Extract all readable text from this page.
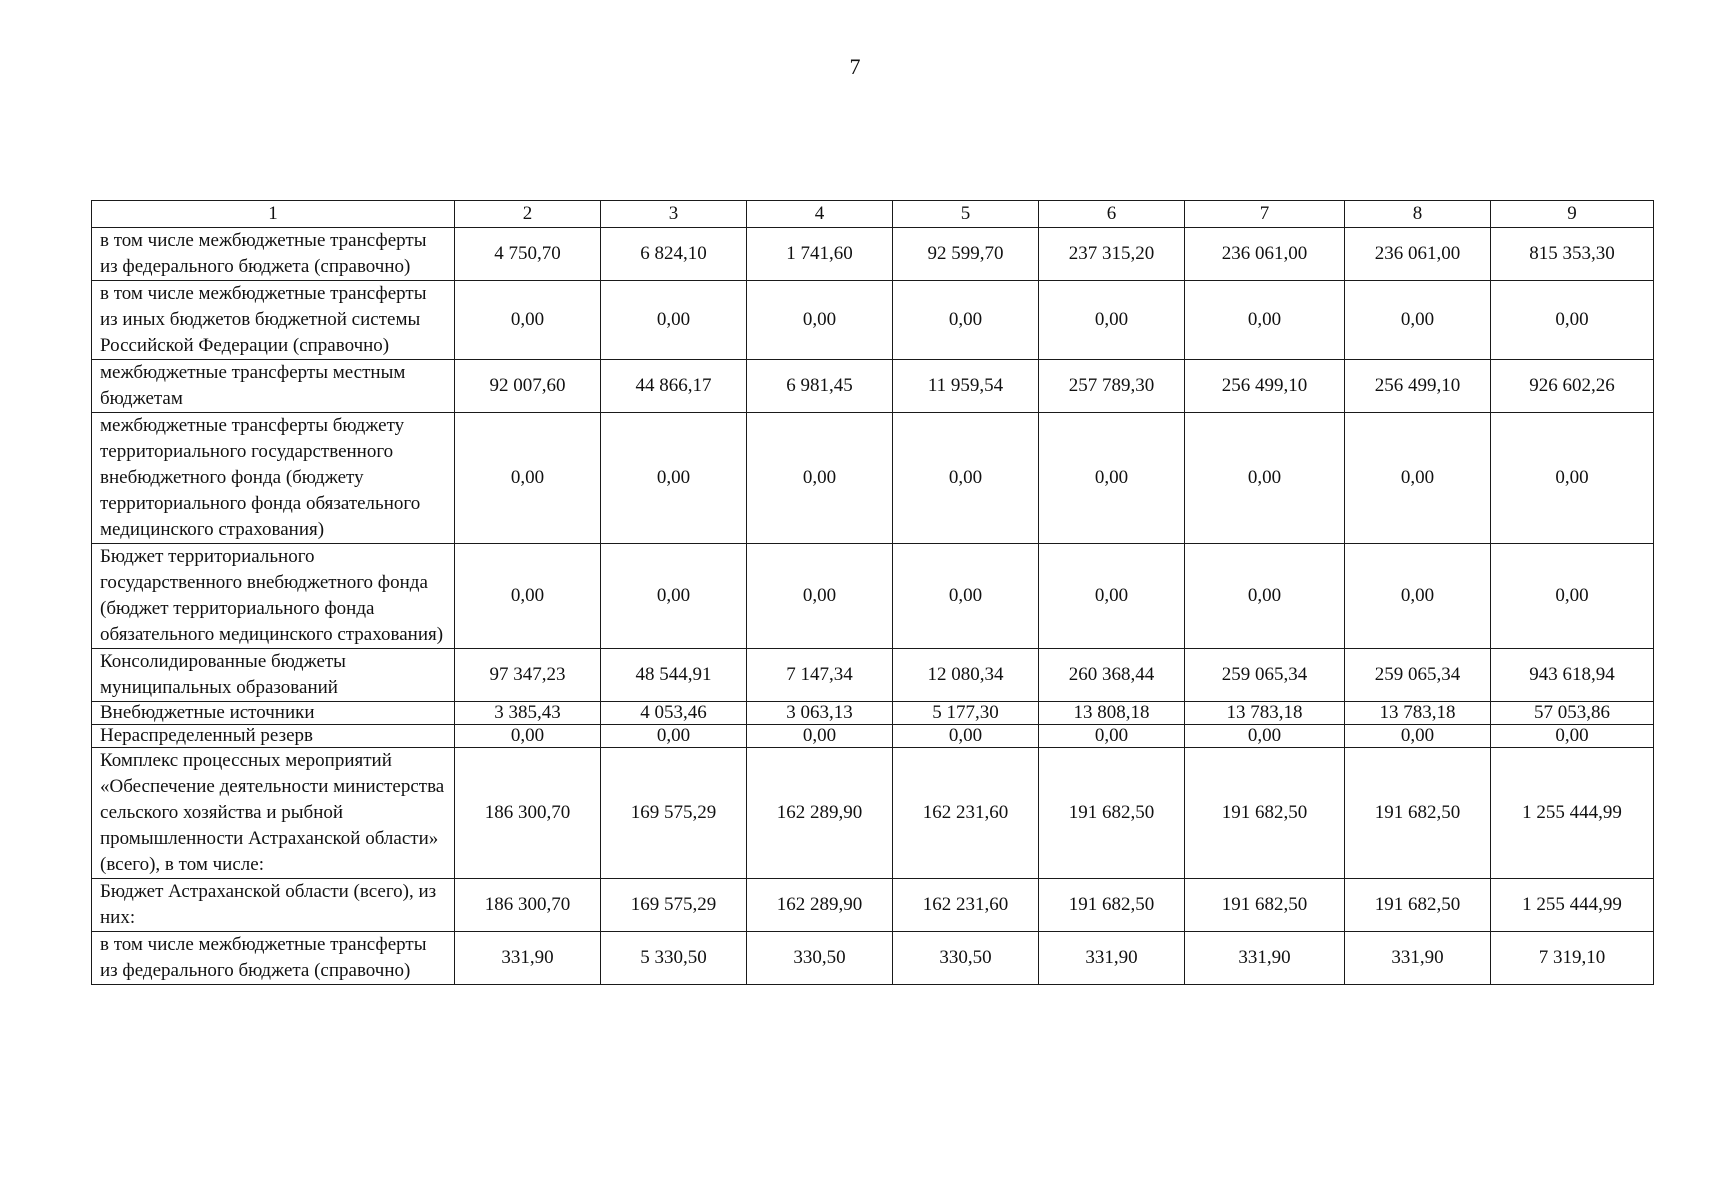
7
1	2	3	4	5	6	7	8	9
в том числе межбюджетные трансферты из федерального бюджета (справочно)	4 750,70	6 824,10	1 741,60	92 599,70	237 315,20	236 061,00	236 061,00	815 353,30
в том числе межбюджетные трансферты из иных бюджетов бюджетной системы Российской Федерации (справочно)	0,00	0,00	0,00	0,00	0,00	0,00	0,00	0,00
межбюджетные трансферты местным бюджетам	92 007,60	44 866,17	6 981,45	11 959,54	257 789,30	256 499,10	256 499,10	926 602,26
межбюджетные трансферты бюджету территориального государственного внебюджетного фонда (бюджету территориального фонда обязательного медицинского страхования)	0,00	0,00	0,00	0,00	0,00	0,00	0,00	0,00
Бюджет территориального государственного внебюджетного фонда (бюджет территориального фонда обязательного медицинского страхования)	0,00	0,00	0,00	0,00	0,00	0,00	0,00	0,00
Консолидированные бюджеты муниципальных образований	97 347,23	48 544,91	7 147,34	12 080,34	260 368,44	259 065,34	259 065,34	943 618,94
Внебюджетные источники	3 385,43	4 053,46	3 063,13	5 177,30	13 808,18	13 783,18	13 783,18	57 053,86
Нераспределенный резерв	0,00	0,00	0,00	0,00	0,00	0,00	0,00	0,00
Комплекс процессных мероприятий «Обеспечение деятельности министерства сельского хозяйства и рыбной промышленности Астраханской области» (всего), в том числе:	186 300,70	169 575,29	162 289,90	162 231,60	191 682,50	191 682,50	191 682,50	1 255 444,99
Бюджет Астраханской области (всего), из них:	186 300,70	169 575,29	162 289,90	162 231,60	191 682,50	191 682,50	191 682,50	1 255 444,99
в том числе межбюджетные трансферты из федерального бюджета (справочно)	331,90	5 330,50	330,50	330,50	331,90	331,90	331,90	7 319,10
